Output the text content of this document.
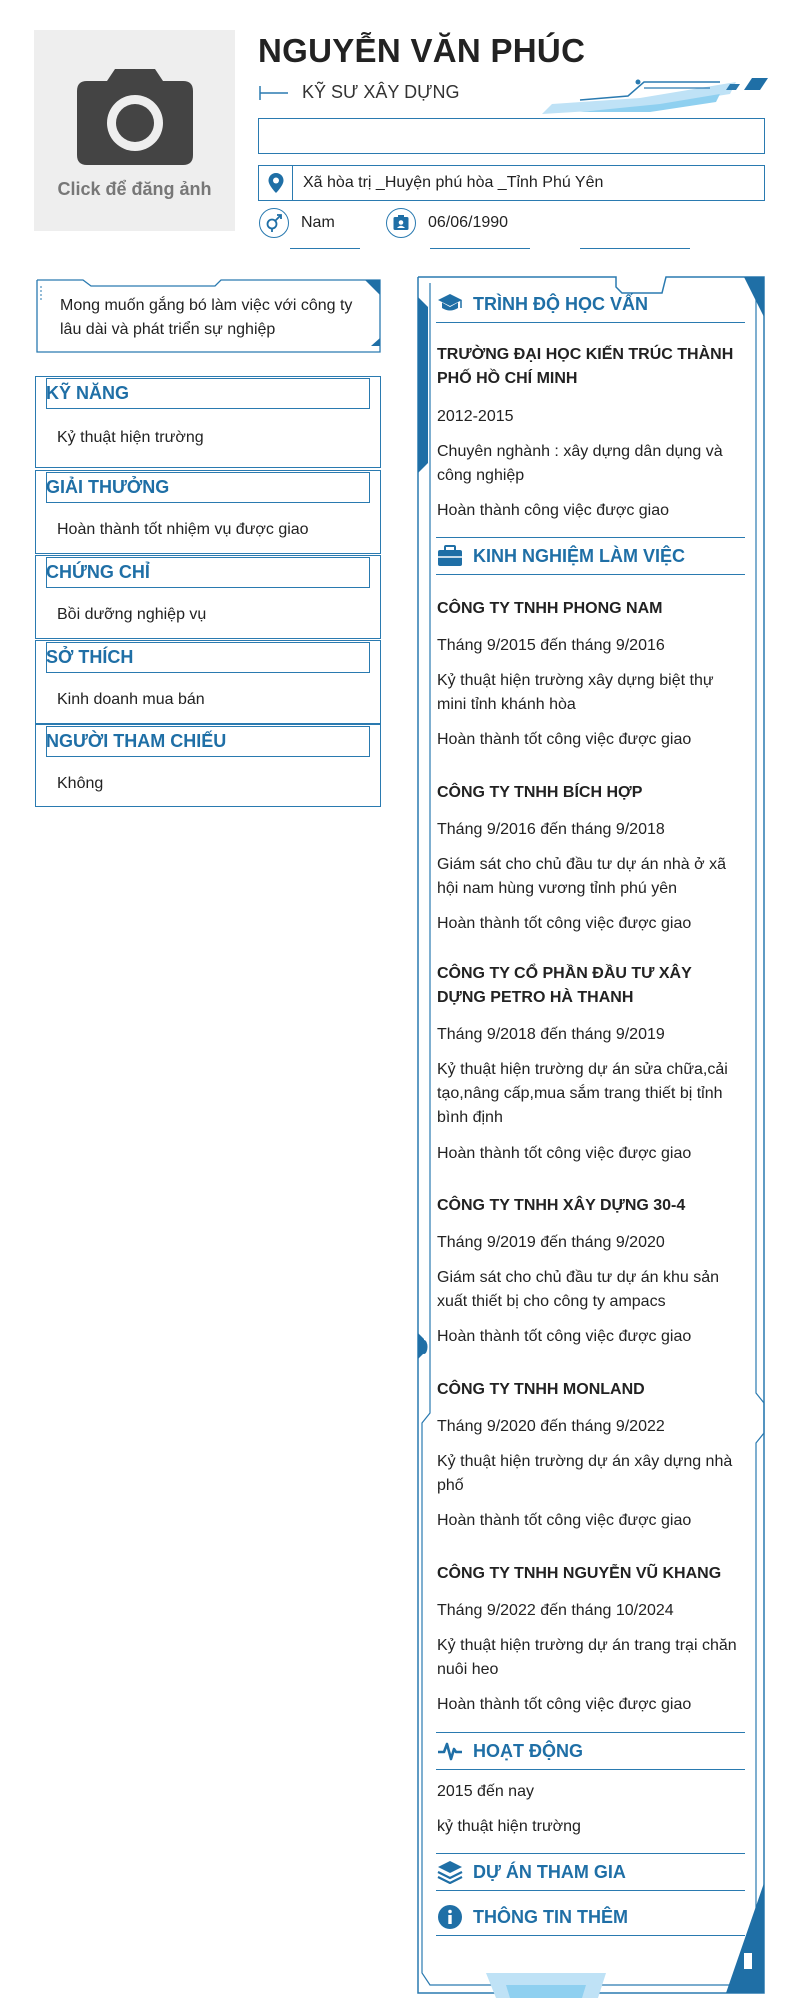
Click để đăng ảnh
NGUYỄN VĂN PHÚC
KỸ SƯ XÂY DỰNG
Xã hòa trị _Huyện phú hòa _Tỉnh Phú Yên
Nam	06/06/1990
Mong muốn gắng bó làm việc với công ty lâu dài và phát triển sự nghiệp
KỸ NĂNG
Kỷ thuật hiện trường
GIẢI THƯỞNG
Hoàn thành tốt nhiệm vụ được giao
CHỨNG CHỈ
Bồi dưỡng nghiệp vụ
SỞ THÍCH
Kinh doanh mua bán
NGƯỜI THAM CHIẾU
Không
TRÌNH ĐỘ HỌC VẤN
TRƯỜNG ĐẠI HỌC KIẾN TRÚC THÀNH PHỐ HỒ CHÍ MINH
2012-2015
Chuyên nghành : xây dựng dân dụng và công nghiệp
Hoàn thành công việc được giao
KINH NGHIỆM LÀM VIỆC
CÔNG TY TNHH PHONG NAM
Tháng 9/2015 đến tháng 9/2016
Kỷ thuật hiện trường xây dựng biệt thự mini tỉnh khánh hòa
Hoàn thành tốt công việc được giao
CÔNG TY TNHH BÍCH HỢP
Tháng 9/2016 đến tháng 9/2018
Giám sát cho chủ đầu tư dự án nhà ở xã hội nam hùng vương tỉnh phú yên
Hoàn thành tốt công việc được giao
CÔNG TY CỔ PHẦN ĐẦU TƯ XÂY DỰNG PETRO HÀ THANH
Tháng 9/2018 đến tháng 9/2019
Kỷ thuật hiện trường dự án sửa chữa,cải tạo,nâng cấp,mua sắm trang thiết bị tỉnh bình định
Hoàn thành tốt công việc được giao
CÔNG TY TNHH XÂY DỰNG 30-4
Tháng 9/2019 đến tháng 9/2020
Giám sát cho chủ đầu tư dự án khu sản xuất thiết bị cho công ty ampacs
Hoàn thành tốt công việc được giao
CÔNG TY TNHH MONLAND
Tháng 9/2020 đến tháng 9/2022
Kỷ thuật hiện trường dự án xây dựng nhà phố
Hoàn thành tốt công việc được giao
CÔNG TY TNHH NGUYỄN VŨ KHANG
Tháng 9/2022 đến tháng 10/2024
Kỷ thuật hiện trường dự án trang trại chăn nuôi heo
Hoàn thành tốt công việc được giao
HOẠT ĐỘNG
2015 đến nay
kỷ thuật hiện trường
DỰ ÁN THAM GIA
THÔNG TIN THÊM
